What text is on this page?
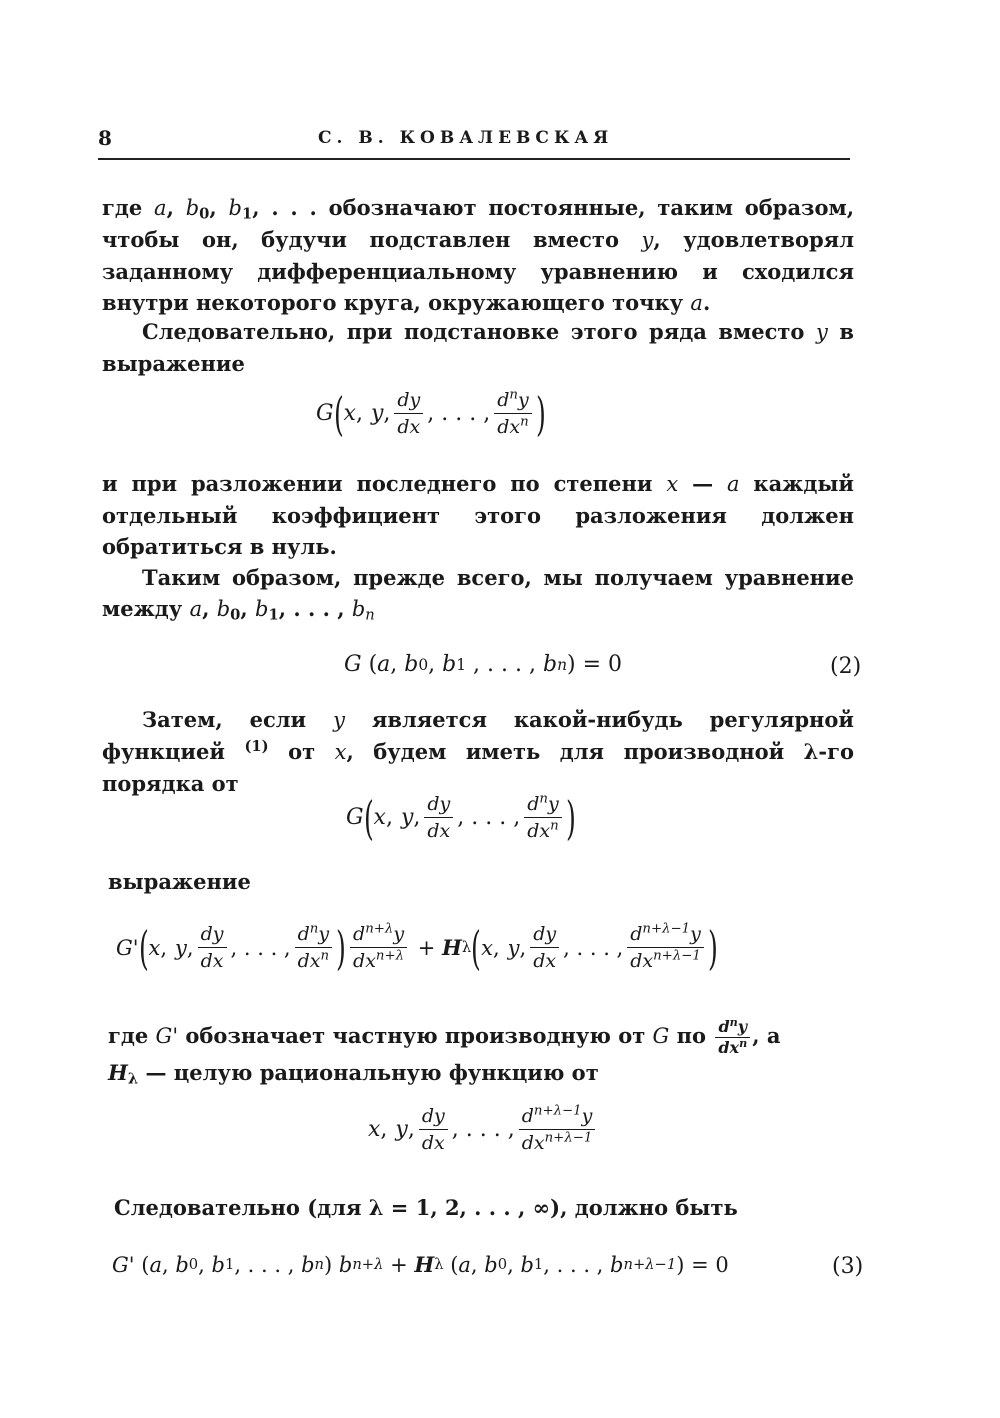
8	С. В. КОВАЛЕВСКАЯ
где a, $b_0$, $b_1$, . . . обозначают постоянные, таким образом, чтобы он, будучи подставлен вместо y, удовлетворял заданному дифференциальному уравнению и сходился внутри некоторого круга, окружающего точку a.
Следовательно, при подстановке этого ряда вместо y в выражение
G ( x , y , $\frac{dy}{dx}$ , . . . , $\frac{d^ny}{dx^n}$ )
и при разложении последнего по степени x — a каждый отдельный коэффициент этого разложения должен обратиться в нуль.
Таким образом, прежде всего, мы получаем уравнение между a, $b_0$, $b_1$, . . . , $b_n$
G ( a , b 0 , b 1 , . . . , b n ) = 0	(2)
Затем, если y является какой-нибудь регулярной функцией $^{(1)}$ от x, будем иметь для производной λ-го порядка от
G ( x , y , $\frac{dy}{dx}$ , . . . , $\frac{d^ny}{dx^n}$ )
выражение
G' ( x , y , $\frac{dy}{dx}$ , . . . , $\frac{d^ny}{dx^n}$ ) $\frac{d^{n+\lambda}y}{dx^{n+\lambda}} + H$ λ ( x , y , $\frac{dy}{dx}$ , . . . , $\frac{d^{n+\lambda-1}y}{dx^{n+\lambda-1}}$ )
где G' обозначает частную производную от G по $\frac{d^ny}{dx^n}$ , а
$H_\lambda$ — целую рациональную функцию от
x , y , $\frac{dy}{dx}$ , . . . , $\frac{d^{n+\lambda-1}y}{dx^{n+\lambda-1}}$
Следовательно (для λ = 1, 2, . . . , ∞), должно быть
G' ( a , b 0 , b 1 , . . . , b n ) b n+λ + H λ ( a , b 0 , b 1 , . . . , b n+λ−1 ) = 0	(3)
